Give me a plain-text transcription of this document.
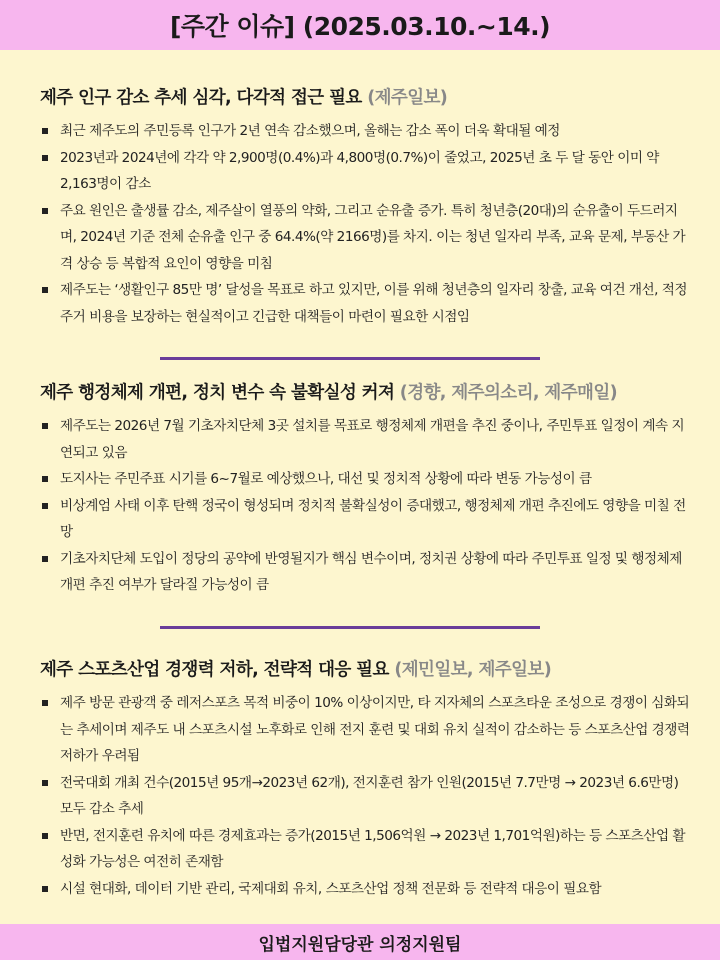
[주간 이슈] (2025.03.10.~14.)
제주 인구 감소 추세 심각, 다각적 접근 필요 (제주일보)
최근 제주도의 주민등록 인구가 2년 연속 감소했으며, 올해는 감소 폭이 더욱 확대될 예정
2023년과 2024년에 각각 약 2,900명(0.4%)과 4,800명(0.7%)이 줄었고, 2025년 초 두 달 동안 이미 약 2,163명이 감소
주요 원인은 출생률 감소, 제주살이 열풍의 약화, 그리고 순유출 증가. 특히 청년층(20대)의 순유출이 두드러지며, 2024년 기준 전체 순유출 인구 중 64.4%(약 2166명)를 차지. 이는 청년 일자리 부족, 교육 문제, 부동산 가격 상승 등 복합적 요인이 영향을 미침
제주도는 ‘생활인구 85만 명’ 달성을 목표로 하고 있지만, 이를 위해 청년층의 일자리 창출, 교육 여건 개선, 적정 주거 비용을 보장하는 현실적이고 긴급한 대책들이 마련이 필요한 시점임
제주 행정체제 개편, 정치 변수 속 불확실성 커져 (경향, 제주의소리, 제주매일)
제주도는 2026년 7월 기초자치단체 3곳 설치를 목표로 행정체제 개편을 추진 중이나, 주민투표 일정이 계속 지연되고 있음
도지사는 주민주표 시기를 6~7월로 예상했으나, 대선 및 정치적 상황에 따라 변동 가능성이 큼
비상계엄 사태 이후 탄핵 정국이 형성되며 정치적 불확실성이 증대했고, 행정체제 개편 추진에도 영향을 미칠 전망
기초자치단체 도입이 정당의 공약에 반영될지가 핵심 변수이며, 정치권 상황에 따라 주민투표 일정 및 행정체제 개편 추진 여부가 달라질 가능성이 큼
제주 스포츠산업 경쟁력 저하, 전략적 대응 필요 (제민일보, 제주일보)
제주 방문 관광객 중 레저스포츠 목적 비중이 10% 이상이지만, 타 지자체의 스포츠타운 조성으로 경쟁이 심화되는 추세이며 제주도 내 스포츠시설 노후화로 인해 전지 훈련 및 대회 유치 실적이 감소하는 등 스포츠산업 경쟁력 저하가 우려됨
전국대회 개최 건수(2015년 95개→2023년 62개), 전지훈련 참가 인원(2015년 7.7만명 → 2023년 6.6만명) 모두 감소 추세
반면, 전지훈련 유치에 따른 경제효과는 증가(2015년 1,506억원 → 2023년 1,701억원)하는 등 스포츠산업 활성화 가능성은 여전히 존재함
시설 현대화, 데이터 기반 관리, 국제대회 유치, 스포츠산업 정책 전문화 등 전략적 대응이 필요함
입법지원담당관 의정지원팀
